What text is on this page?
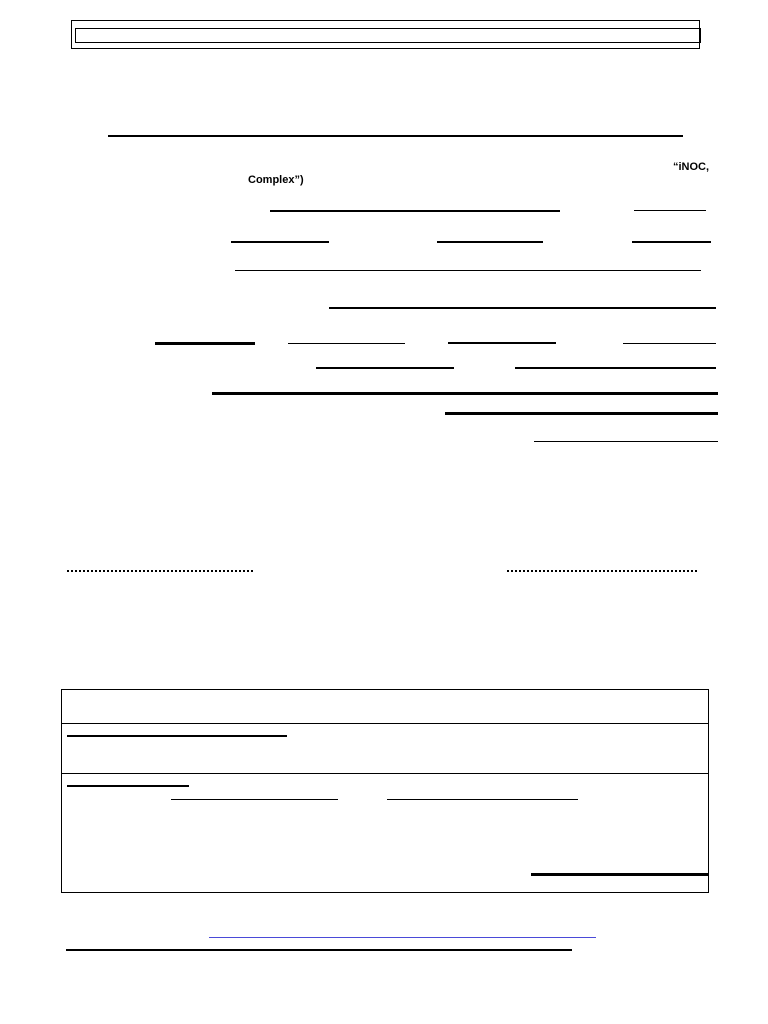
“iNOC,
Complex”)
